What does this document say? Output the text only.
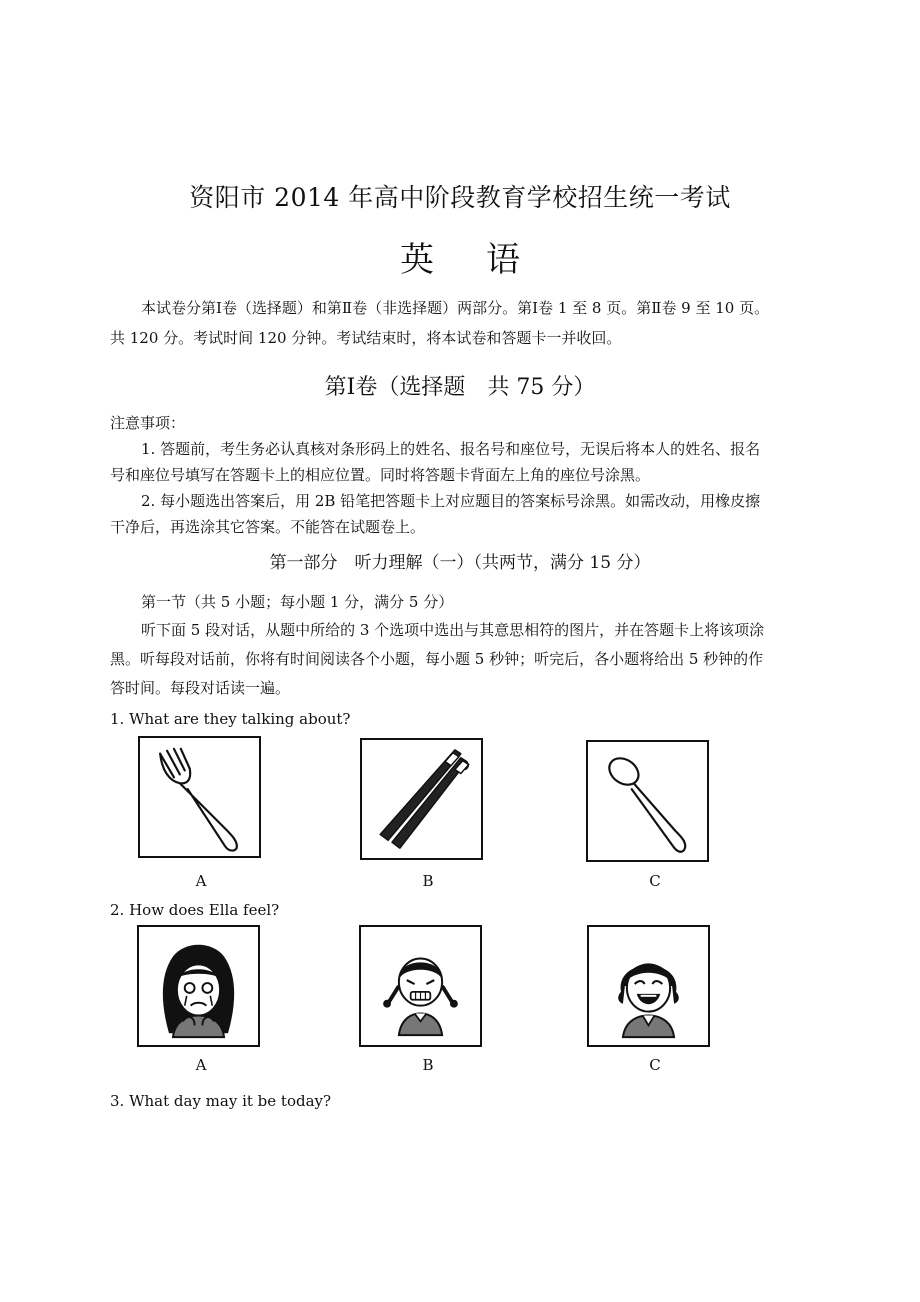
资阳市 2014 年高中阶段教育学校招生统一考试
英 语
本试卷分第Ⅰ卷（选择题）和第Ⅱ卷（非选择题）两部分。第Ⅰ卷 1 至 8 页。第Ⅱ卷 9 至 10 页。
共 120 分。考试时间 120 分钟。考试结束时，将本试卷和答题卡一并收回。
第Ⅰ卷（选择题　共 75 分）
注意事项：
1. 答题前，考生务必认真核对条形码上的姓名、报名号和座位号，无误后将本人的姓名、报名
号和座位号填写在答题卡上的相应位置。同时将答题卡背面左上角的座位号涂黑。
2. 每小题选出答案后，用 2B 铅笔把答题卡上对应题目的答案标号涂黑。如需改动，用橡皮擦
干净后，再选涂其它答案。不能答在试题卷上。
第一部分　听力理解（一）（共两节，满分 15 分）
第一节（共 5 小题；每小题 1 分，满分 5 分）
听下面 5 段对话，从题中所给的 3 个选项中选出与其意思相符的图片，并在答题卡上将该项涂
黑。听每段对话前，你将有时间阅读各个小题，每小题 5 秒钟；听完后，各小题将给出 5 秒钟的作
答时间。每段对话读一遍。
1. What are they talking about?
A	B	C
2. How does Ella feel?
A	B	C
3. What day may it be today?
